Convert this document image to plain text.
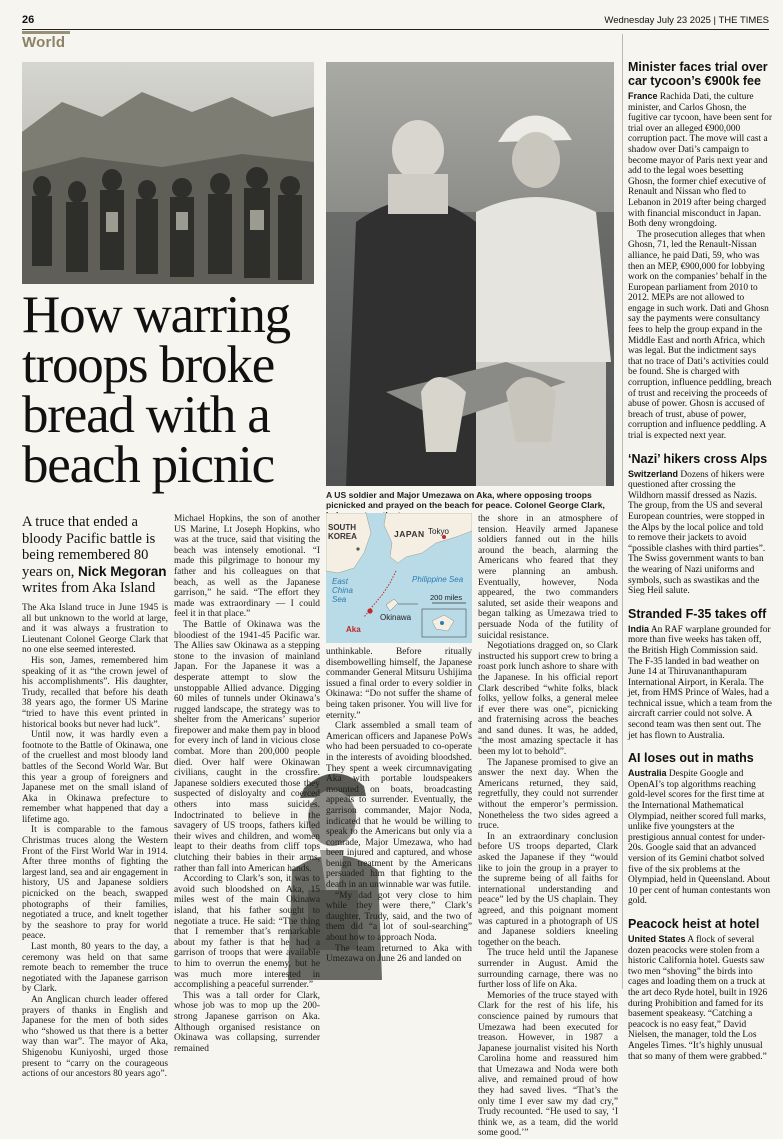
26	Wednesday July 23 2025 | THE TIMES
World
How warring troops broke bread with a beach picnic
A truce that ended a bloody Pacific battle is being remembered 80 years on, Nick Megoran writes from Aka Island
A US soldier and Major Umezawa on Aka, where opposing troops picnicked and prayed on the beach for peace. Colonel George Clark,
SOUTH KOREA	JAPAN Tokyo
Philippine Sea
East China Sea
Okinawa
Aka
200 miles

The Aka Island truce in June 1945 is all but unknown to the world at large, and it was always a frustration to Lieutenant Colonel George Clark that no one else seemed interested.

His son, James, remembered him speaking of it as “the crown jewel of his accomplishments”. His daughter, Trudy, recalled that before his death 38 years ago, the former US Marine “tried to have this event printed in historical books but never had luck”.

Until now, it was hardly even a footnote to the Battle of Okinawa, one of the cruellest and most bloody land battles of the Second World War. But this year a group of foreigners and Japanese met on the small island of Aka in Okinawa prefecture to remember what happened that day a lifetime ago.

It is comparable to the famous Christmas truces along the Western Front of the First World War in 1914. After three months of fighting the largest land, sea and air engagement in history, US and Japanese soldiers picnicked on the beach, swapped photographs of their families, negotiated a truce, and knelt together by the seashore to pray for world peace.

Last month, 80 years to the day, a ceremony was held on that same remote beach to remember the truce negotiated with the Japanese garrison by Clark.

An Anglican church leader offered prayers of thanks in English and Japanese for the men of both sides who “showed us that there is a better way than war”. The mayor of Aka, Shigenobu Kuniyoshi, urged those present to “carry on the courageous actions of our ancestors 80 years ago”.

Michael Hopkins, the son of another US Marine, Lt Joseph Hopkins, who was at the truce, said that visiting the beach was intensely emotional. “I made this pilgrimage to honour my father and his colleagues on that beach, as well as the Japanese garrison,” he said. “The effort they made was extraordinary — I could feel it in that place.”

The Battle of Okinawa was the bloodiest of the 1941-45 Pacific war. The Allies saw Okinawa as a stepping stone to the invasion of mainland Japan. For the Japanese it was a desperate attempt to slow the unstoppable Allied advance. Digging 60 miles of tunnels under Okinawa’s rugged landscape, the strategy was to shelter from the Americans’ superior firepower and make them pay in blood for every inch of land in vicious close combat. More than 200,000 people died. Over half were Okinawan civilians, caught in the crossfire. Japanese soldiers executed those they suspected of disloyalty and coerced others into mass suicides. Indoctrinated to believe in the savagery of US troops, fathers killed their wives and children, and women leapt to their deaths from cliff tops clutching their babies in their arms, rather than fall into American hands.

According to Clark’s son, it was to avoid such bloodshed on Aka, 15 miles west of the main Okinawa island, that his father sought to negotiate a truce. He said: “The thing that I remember that’s remarkable about my father is that he had a garrison of troops that were available to him to overrun the enemy, but he was much more interested in accomplishing a peaceful surrender.”

This was a tall order for Clark, whose job was to mop up the 200-strong Japanese garrison on Aka. Although organised resistance on Okinawa was collapsing, surrender remained

unthinkable. Before ritually disembowelling himself, the Japanese commander General Mitsuru Ushijima issued a final order to every soldier in Okinawa: “Do not suffer the shame of being taken prisoner. You will live for eternity.”

Clark assembled a small team of American officers and Japanese PoWs who had been persuaded to co-operate in the interests of avoiding bloodshed. They spent a week circumnavigating Aka with portable loudspeakers mounted on boats, broadcasting appeals to surrender. Eventually, the garrison commander, Major Noda, indicated that he would be willing to speak to the Americans but only via a comrade, Major Umezawa, who had been injured and captured, and whose benign treatment by the Americans persuaded him that fighting to the death in an unwinnable war was futile.

“My dad got very close to him while they were there,” Clark’s daughter, Trudy, said, and the two of them did “a lot of soul-searching” about how to approach Noda.

The team returned to Aka with Umezawa on June 26 and landed on

the shore in an atmosphere of tension. Heavily armed Japanese soldiers fanned out in the hills around the beach, alarming the Americans who feared that they were planning an ambush. Eventually, however, Noda appeared, the two commanders saluted, set aside their weapons and began talking as Umezawa tried to persuade Noda of the futility of suicidal resistance.

Negotiations dragged on, so Clark instructed his support crew to bring a roast pork lunch ashore to share with the Japanese. In his official report Clark described “white folks, black folks, yellow folks, a general melee if ever there was one”, picnicking and fraternising across the beaches and sand dunes. It was, he added, “the most amazing spectacle it has been my lot to behold”.

The Japanese promised to give an answer the next day. When the Americans returned, they said, regretfully, they could not surrender without the emperor’s permission. Nonetheless the two sides agreed a truce.

In an extraordinary conclusion before US troops departed, Clark asked the Japanese if they “would like to join the group in a prayer to the supreme being of all faiths for international understanding and peace” led by the US chaplain. They agreed, and this poignant moment was captured in a photograph of US and Japanese soldiers kneeling together on the beach.

The truce held until the Japanese surrender in August. Amid the surrounding carnage, there was no further loss of life on Aka.

Memories of the truce stayed with Clark for the rest of his life, his conscience pained by rumours that Umezawa had been executed for treason. However, in 1987 a Japanese journalist visited his North Carolina home and reassured him that Umezawa and Noda were both alive, and remained proud of how they had saved lives. “That’s the only time I ever saw my dad cry,” Trudy recounted. “He used to say, ‘I think we, as a team, did the world some good.’”

Minister faces trial over car tycoon’s €900k fee
France Rachida Dati, the culture minister, and Carlos Ghosn, the fugitive car tycoon, have been sent for trial over an alleged €900,000 corruption pact. The move will cast a shadow over Dati’s campaign to become mayor of Paris next year and add to the legal woes besetting Ghosn, the former chief executive of Renault and Nissan who fled to Lebanon in 2019 after being charged with financial misconduct in Japan. Both deny wrongdoing.
The prosecution alleges that when Ghosn, 71, led the Renault-Nissan alliance, he paid Dati, 59, who was then an MEP, €900,000 for lobbying work on the companies’ behalf in the European parliament from 2010 to 2012. MEPs are not allowed to engage in such work. Dati and Ghosn say the payments were consultancy fees to help the group expand in the Middle East and north Africa, which was legal. But the indictment says that no trace of Dati’s activities could be found. She is charged with corruption, influence peddling, breach of trust and receiving the proceeds of abuse of power. Ghosn is accused of breach of trust, abuse of power, corruption and influence peddling. A trial is expected next year.
‘Nazi’ hikers cross Alps
Switzerland Dozens of hikers were questioned after crossing the Wildhorn massif dressed as Nazis. The group, from the US and several European countries, were stopped in the Alps by the local police and told to remove their jackets to avoid “possible clashes with third parties”. The Swiss government wants to ban the wearing of Nazi uniforms and symbols, such as swastikas and the Sieg Heil salute.
Stranded F-35 takes off
India An RAF warplane grounded for more than five weeks has taken off, the British High Commission said. The F-35 landed in bad weather on June 14 at Thiruvananthapuram International Airport, in Kerala. The jet, from HMS Prince of Wales, had a technical issue, which a team from the aircraft carrier could not solve. A second team was then sent out. The jet has flown to Australia.
AI loses out in maths
Australia Despite Google and OpenAI’s top algorithms reaching gold-level scores for the first time at the International Mathematical Olympiad, neither scored full marks, unlike five youngsters at the prestigious annual contest for under-20s. Google said that an advanced version of its Gemini chatbot solved five of the six problems at the Olympiad, held in Queensland. About 10 per cent of human contestants won gold.
Peacock heist at hotel
United States A flock of several dozen peacocks were stolen from a historic California hotel. Guests saw two men “shoving” the birds into cages and loading them on a truck at the art deco Ryde hotel, built in 1926 during Prohibition and famed for its basement speakeasy. “Catching a peacock is no easy feat,” David Nielsen, the manager, told the Los Angeles Times. “It’s highly unusual that so many of them were grabbed.”
